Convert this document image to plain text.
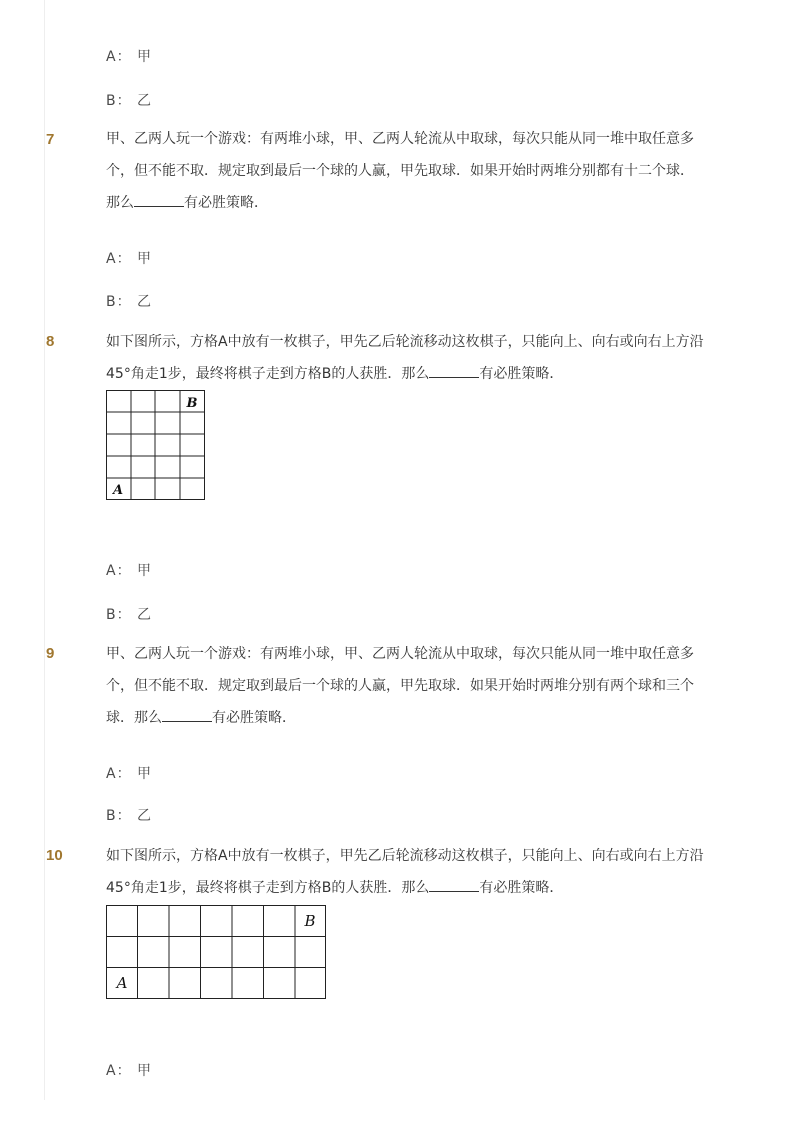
A： 甲
B： 乙
7	甲、乙两人玩一个游戏：有两堆小球，甲、乙两人轮流从中取球，每次只能从同一堆中取任意多
个，但不能不取．规定取到最后一个球的人赢，甲先取球．如果开始时两堆分别都有十二个球．
那么	有必胜策略．
A： 甲
B： 乙
8	如下图所示，方格A中放有一枚棋子，甲先乙后轮流移动这枚棋子，只能向上、向右或向右上方沿
45°角走1步，最终将棋子走到方格B的人获胜．那么	有必胜策略．
B
A
A： 甲
B： 乙
9	甲、乙两人玩一个游戏：有两堆小球，甲、乙两人轮流从中取球，每次只能从同一堆中取任意多
个，但不能不取．规定取到最后一个球的人赢，甲先取球．如果开始时两堆分别有两个球和三个
球．那么	有必胜策略．
A： 甲
B： 乙
10	如下图所示，方格A中放有一枚棋子，甲先乙后轮流移动这枚棋子，只能向上、向右或向右上方沿
45°角走1步，最终将棋子走到方格B的人获胜．那么	有必胜策略．
B
A
A： 甲
